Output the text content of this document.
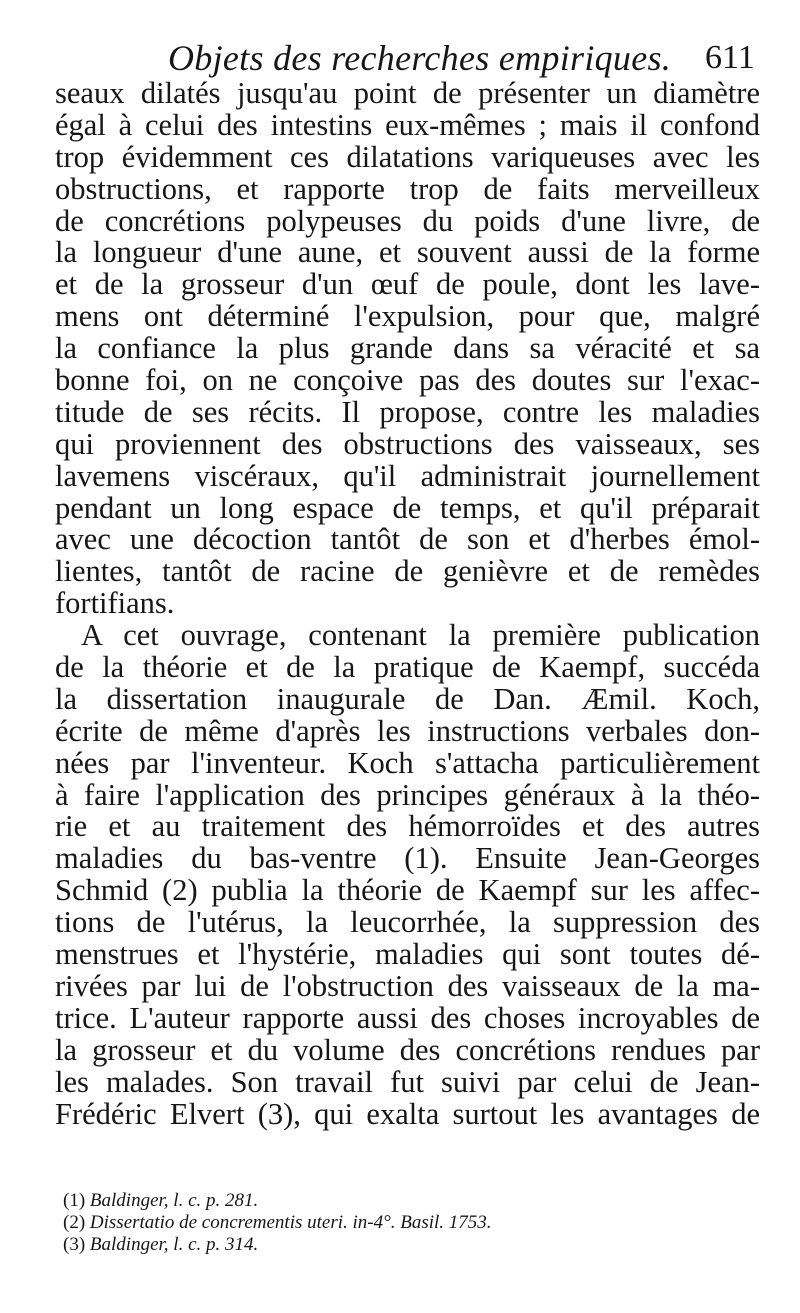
Objets des recherches empiriques. 611
seaux dilatés jusqu'au point de présenter un diamètre
égal à celui des intestins eux-mêmes ; mais il confond
trop évidemment ces dilatations variqueuses avec les
obstructions, et rapporte trop de faits merveilleux
de concrétions polypeuses du poids d'une livre, de
la longueur d'une aune, et souvent aussi de la forme
et de la grosseur d'un œuf de poule, dont les lave-
mens ont déterminé l'expulsion, pour que, malgré
la confiance la plus grande dans sa véracité et sa
bonne foi, on ne conçoive pas des doutes sur l'exac-
titude de ses récits. Il propose, contre les maladies
qui proviennent des obstructions des vaisseaux, ses
lavemens viscéraux, qu'il administrait journellement
pendant un long espace de temps, et qu'il préparait
avec une décoction tantôt de son et d'herbes émol-
lientes, tantôt de racine de genièvre et de remèdes
fortifians.
A cet ouvrage, contenant la première publication
de la théorie et de la pratique de Kaempf, succéda
la dissertation inaugurale de Dan. Æmil. Koch,
écrite de même d'après les instructions verbales don-
nées par l'inventeur. Koch s'attacha particulièrement
à faire l'application des principes généraux à la théo-
rie et au traitement des hémorroïdes et des autres
maladies du bas-ventre (1). Ensuite Jean-Georges
Schmid (2) publia la théorie de Kaempf sur les affec-
tions de l'utérus, la leucorrhée, la suppression des
menstrues et l'hystérie, maladies qui sont toutes dé-
rivées par lui de l'obstruction des vaisseaux de la ma-
trice. L'auteur rapporte aussi des choses incroyables de
la grosseur et du volume des concrétions rendues par
les malades. Son travail fut suivi par celui de Jean-
Frédéric Elvert (3), qui exalta surtout les avantages de
(1) Baldinger, l. c. p. 281.
(2) Dissertatio de concrementis uteri. in-4°. Basil. 1753.
(3) Baldinger, l. c. p. 314.
